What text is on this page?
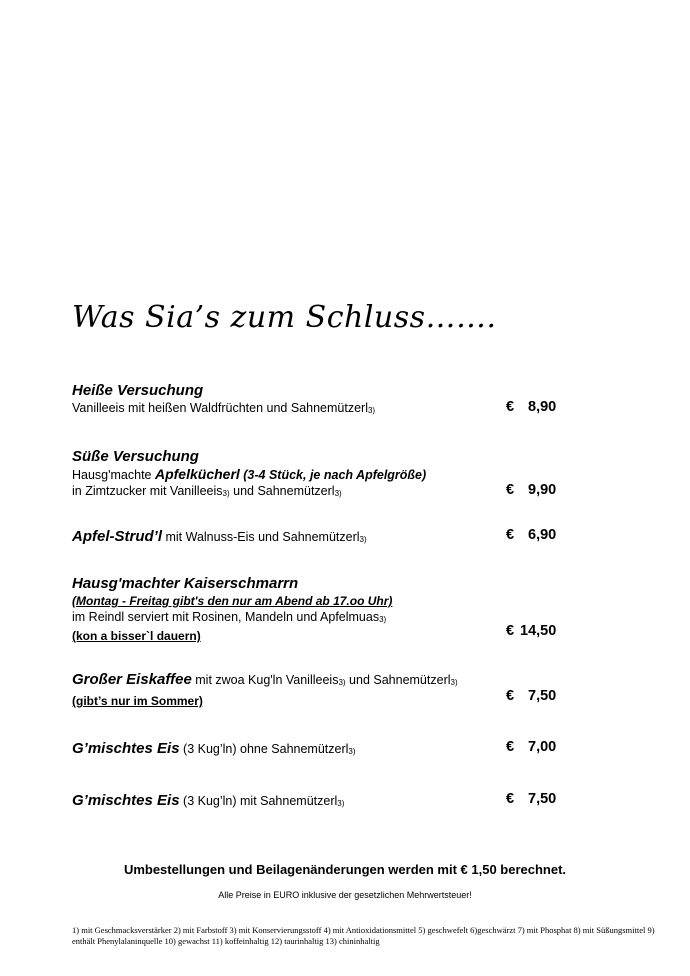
Was Sia’s zum Schluss…….
Heiße Versuchung
Vanilleeis mit heißen Waldfrüchten und Sahnemützerl$_{3)}$	€ 8,90
Süße Versuchung
Hausg'machte Apfelkücherl (3-4 Stück, je nach Apfelgröße)
in Zimtzucker mit Vanilleeis$_{3)}$ und Sahnemützerl$_{3)}$	€ 9,90
Apfel-Strud’l mit Walnuss-Eis und Sahnemützerl$_{3)}$	€ 6,90
Hausg'machter Kaiserschmarrn
(Montag - Freitag gibt's den nur am Abend ab 17.oo Uhr)
im Reindl serviert mit Rosinen, Mandeln und Apfelmuas$_{3)}$
(kon a bisser`l dauern)	€ 14,50
Großer Eiskaffee mit zwoa Kug'ln Vanilleeis$_{3)}$ und Sahnemützerl$_{3)}$
(gibt’s nur im Sommer)	€ 7,50
G’mischtes Eis (3 Kug’ln) ohne Sahnemützerl$_{3)}$	€ 7,00
G’mischtes Eis (3 Kug’ln) mit Sahnemützerl$_{3)}$	€ 7,50
Umbestellungen und Beilagenänderungen werden mit € 1,50 berechnet.
Alle Preise in EURO inklusive der gesetzlichen Mehrwertsteuer!
1) mit Geschmacksverstärker 2) mit Farbstoff 3) mit Konservierungsstoff 4) mit Antioxidationsmittel 5) geschwefelt 6)geschwärzt 7) mit Phosphat 8) mit Süßungsmittel 9) enthält Phenylalaninquelle 10) gewachst 11) koffeinhaltig 12) taurinhaltig 13) chininhaltig
